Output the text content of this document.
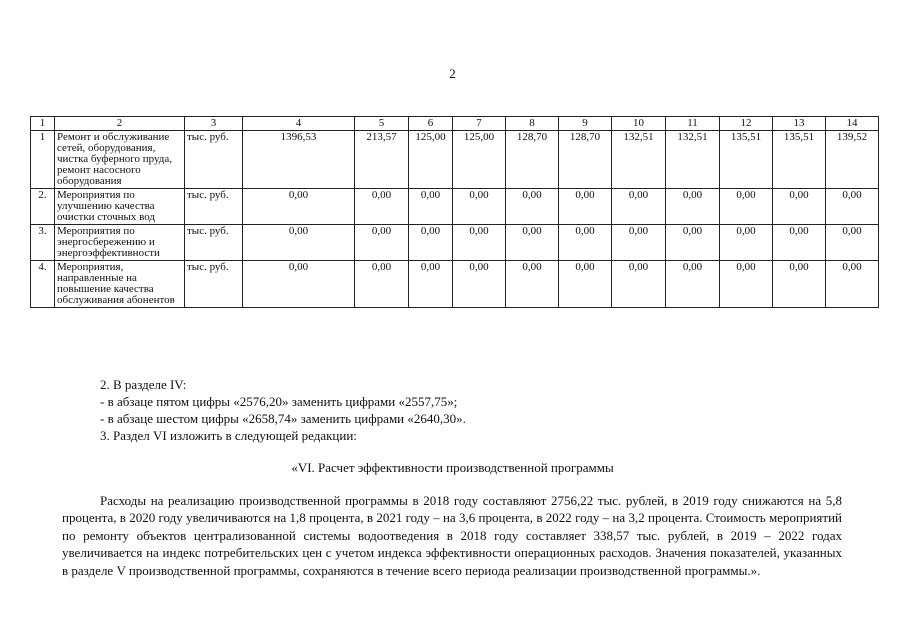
2
1	2	3	4	5	6	7	8	9	10	11	12	13	14
1	Ремонт и обслуживание сетей, оборудования, чистка буферного пруда, ремонт насосного оборудования	тыс. руб.	1396,53	213,57	125,00	125,00	128,70	128,70	132,51	132,51	135,51	135,51	139,52
2.	Мероприятия по улучшению качества очистки сточных вод	тыс. руб.	0,00	0,00	0,00	0,00	0,00	0,00	0,00	0,00	0,00	0,00	0,00
3.	Мероприятия по энергосбережению и энергоэффективности	тыс. руб.	0,00	0,00	0,00	0,00	0,00	0,00	0,00	0,00	0,00	0,00	0,00
4.	Мероприятия, направленные на повышение качества обслуживания абонентов	тыс. руб.	0,00	0,00	0,00	0,00	0,00	0,00	0,00	0,00	0,00	0,00	0,00
2. В разделе IV:
- в абзаце пятом цифры «2576,20» заменить цифрами «2557,75»;
- в абзаце шестом цифры «2658,74» заменить цифрами «2640,30».
3. Раздел VI изложить в следующей редакции:
«VI. Расчет эффективности производственной программы
Расходы на реализацию производственной программы в 2018 году составляют 2756,22 тыс. рублей, в 2019 году снижаются на 5,8 процента, в 2020 году увеличиваются на 1,8 процента, в 2021 году – на 3,6 процента, в 2022 году – на 3,2 процента. Стоимость мероприятий по ремонту объектов централизованной системы водоотведения в 2018 году составляет 338,57 тыс. рублей, в 2019 – 2022 годах увеличивается на индекс потребительских цен с учетом индекса эффективности операционных расходов. Значения показателей, указанных в разделе V производственной программы, сохраняются в течение всего периода реализации производственной программы.».
